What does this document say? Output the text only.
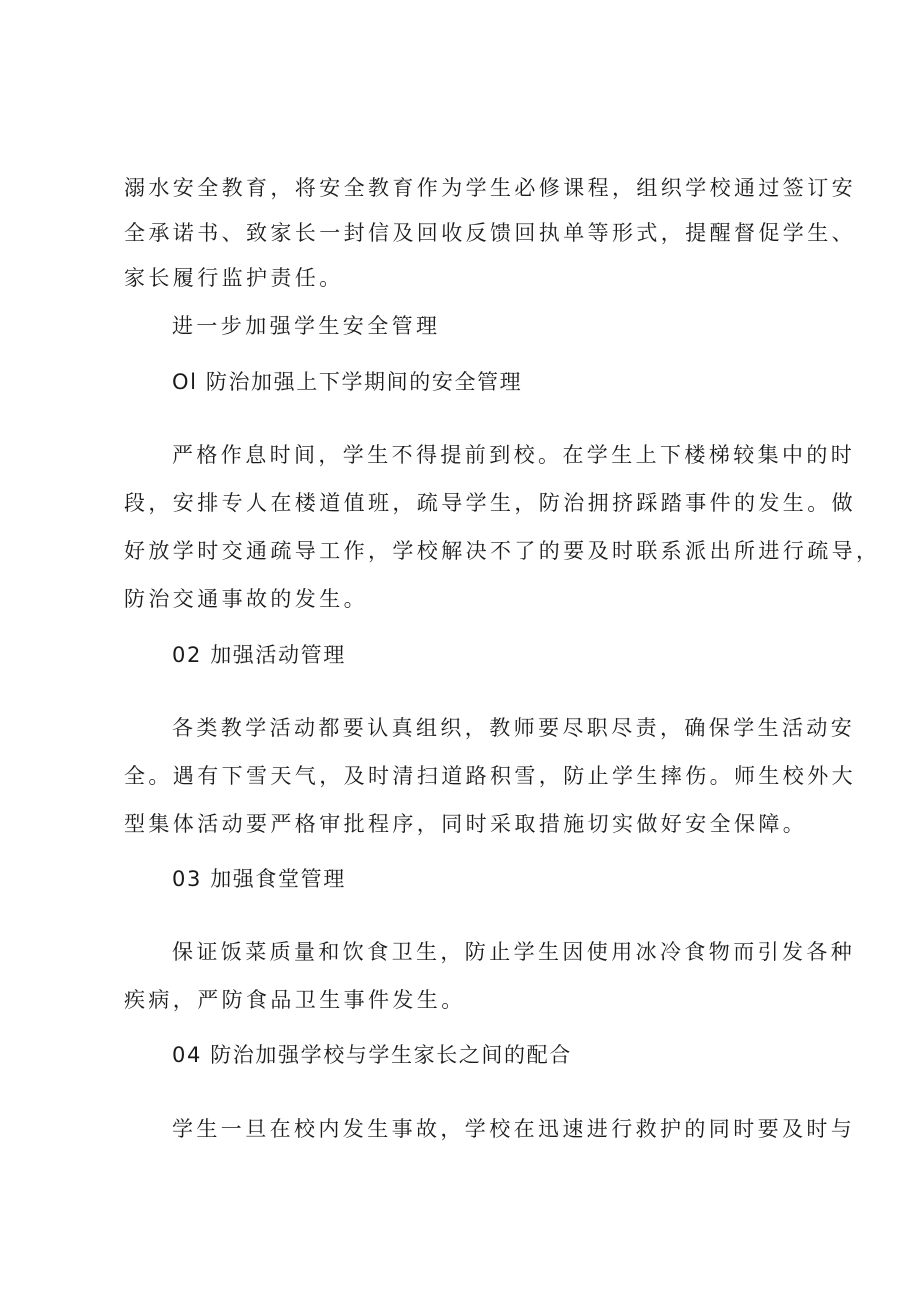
溺水安全教育，将安全教育作为学生必修课程，组织学校通过签订安
全承诺书、致家长一封信及回收反馈回执单等形式，提醒督促学生、
家长履行监护责任。
进一步加强学生安全管理
Ol 防治加强上下学期间的安全管理
严格作息时间，学生不得提前到校。在学生上下楼梯较集中的时
段，安排专人在楼道值班，疏导学生，防治拥挤踩踏事件的发生。做
好放学时交通疏导工作，学校解决不了的要及时联系派出所进行疏导，
防治交通事故的发生。
02 加强活动管理
各类教学活动都要认真组织，教师要尽职尽责，确保学生活动安
全。遇有下雪天气，及时清扫道路积雪，防止学生摔伤。师生校外大
型集体活动要严格审批程序，同时采取措施切实做好安全保障。
03 加强食堂管理
保证饭菜质量和饮食卫生，防止学生因使用冰冷食物而引发各种
疾病，严防食品卫生事件发生。
04 防治加强学校与学生家长之间的配合
学生一旦在校内发生事故，学校在迅速进行救护的同时要及时与
